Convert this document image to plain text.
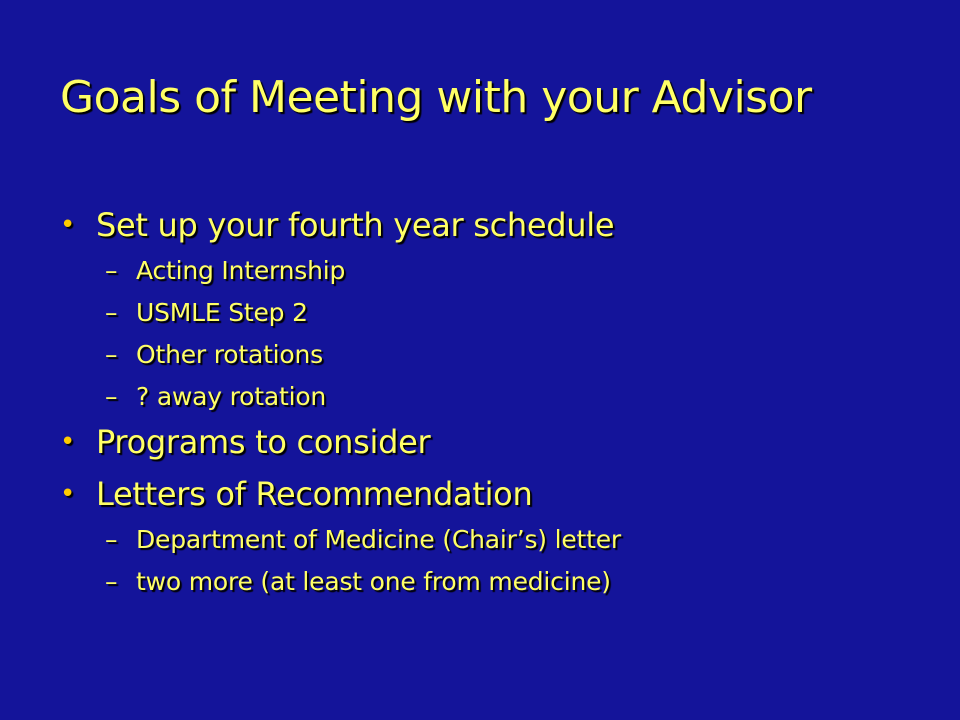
Goals of Meeting with your Advisor
• Set up your fourth year schedule
– Acting Internship
– USMLE Step 2
– Other rotations
– ? away rotation
• Programs to consider
• Letters of Recommendation
– Department of Medicine (Chair’s) letter
– two more (at least one from medicine)
